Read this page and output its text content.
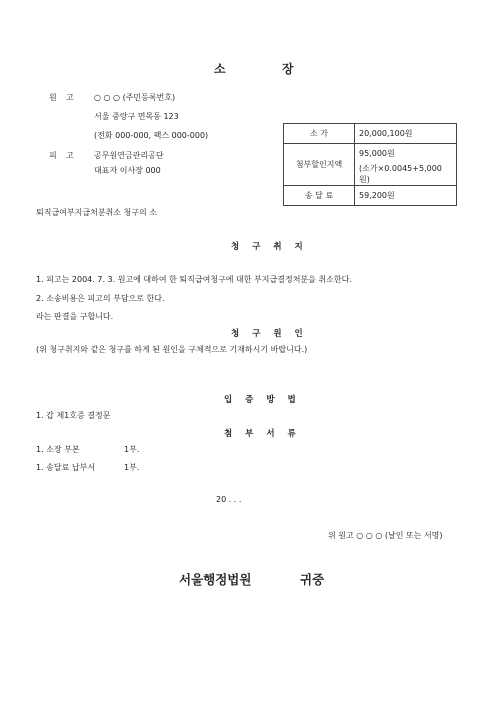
소	장
원 고	○ ○ ○ (주민등록번호)
서울 중랑구 면목동 123
(전화 000-000, 팩스 000-000)
피 고	공무원연금관리공단
대표자 이사장 000
소 가	20,000,100원
첨부할인지액	95,000원
	(소가×0.0045+5,000원)
송 달 료	59,200원
퇴직급여부지급처분취소 청구의 소
청 구 취 지
1. 피고는 2004. 7. 3. 원고에 대하여 한 퇴직급여청구에 대한 부지급결정처분을 취소한다.
2. 소송비용은 피고의 부담으로 한다.
라는 판결을 구합니다.
청 구 원 인
(위 청구취지와 같은 청구를 하게 된 원인을 구체적으로 기재하시기 바랍니다.)
입 증 방 법
1. 갑 제1호증 결정문
첨 부 서 류
1. 소장 부본	1부.
1. 송달료 납부서	1부.
20 . . .
위 원고 ○ ○ ○ (날인 또는 서명)
서울행정법원	귀중
